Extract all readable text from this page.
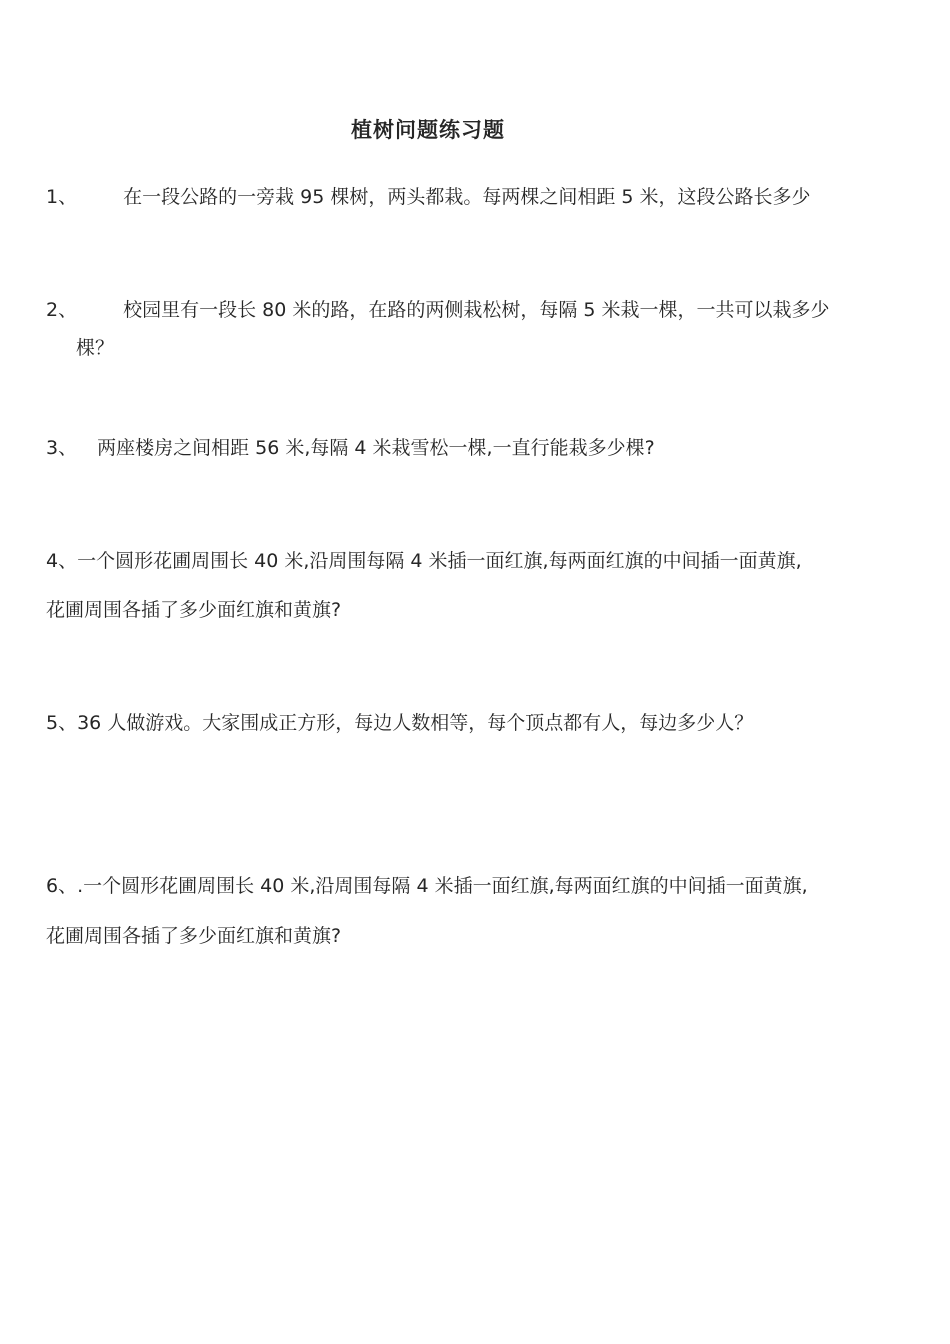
植树问题练习题
1、 在一段公路的一旁栽 95 棵树，两头都栽。每两棵之间相距 5 米，这段公路长多少
2、 校园里有一段长 80 米的路，在路的两侧栽松树，每隔 5 米栽一棵，一共可以栽多少
棵？
3、 两座楼房之间相距 56 米,每隔 4 米栽雪松一棵,一直行能栽多少棵?
4、一个圆形花圃周围长 40 米,沿周围每隔 4 米插一面红旗,每两面红旗的中间插一面黄旗,
花圃周围各插了多少面红旗和黄旗?
5、36 人做游戏。大家围成正方形，每边人数相等，每个顶点都有人，每边多少人？
6、.一个圆形花圃周围长 40 米,沿周围每隔 4 米插一面红旗,每两面红旗的中间插一面黄旗,
花圃周围各插了多少面红旗和黄旗?
